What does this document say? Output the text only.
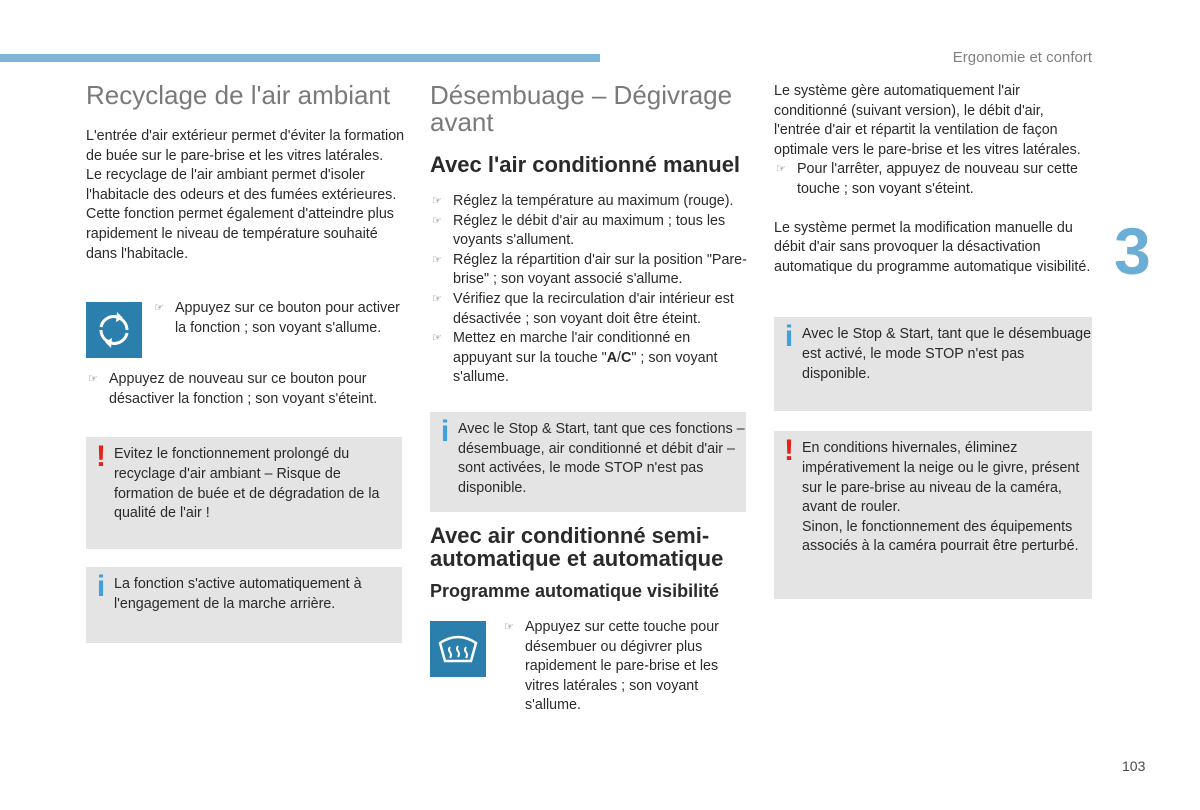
Ergonomie et confort
3
103
Recyclage de l'air ambiant

L'entrée d'air extérieur permet d'éviter la formation de buée sur le pare-brise et les vitres latérales.

Le recyclage de l'air ambiant permet d'isoler l'habitacle des odeurs et des fumées extérieures.

Cette fonction permet également d'atteindre plus rapidement le niveau de température souhaité dans l'habitacle.

☞ Appuyez sur ce bouton pour activer la fonction ; son voyant s'allume.
☞ Appuyez de nouveau sur ce bouton pour désactiver la fonction ; son voyant s'éteint.
! Evitez le fonctionnement prolongé du recyclage d'air ambiant – Risque de formation de buée et de dégradation de la qualité de l'air !
i La fonction s'active automatiquement à l'engagement de la marche arrière.
Désembuage – Dégivrage avant
Avec l'air conditionné manuel
☞ Réglez la température au maximum (rouge).
☞ Réglez le débit d'air au maximum ; tous les voyants s'allument.
☞ Réglez la répartition d'air sur la position "Pare-brise" ; son voyant associé s'allume.
☞ Vérifiez que la recirculation d'air intérieur est désactivée ; son voyant doit être éteint.
☞ Mettez en marche l'air conditionné en appuyant sur la touche "A/C" ; son voyant s'allume.
i Avec le Stop & Start, tant que ces fonctions – désembuage, air conditionné et débit d'air – sont activées, le mode STOP n'est pas disponible.
Avec air conditionné semi-automatique et automatique
Programme automatique visibilité
☞ Appuyez sur cette touche pour désembuer ou dégivrer plus rapidement le pare-brise et les vitres latérales ; son voyant s'allume.

Le système gère automatiquement l'air conditionné (suivant version), le débit d'air, l'entrée d'air et répartit la ventilation de façon optimale vers le pare-brise et les vitres latérales.

☞ Pour l'arrêter, appuyez de nouveau sur cette touche ; son voyant s'éteint.

Le système permet la modification manuelle du débit d'air sans provoquer la désactivation automatique du programme automatique visibilité.

i Avec le Stop & Start, tant que le désembuage est activé, le mode STOP n'est pas disponible.
! En conditions hivernales, éliminez impérativement la neige ou le givre, présent sur le pare-brise au niveau de la caméra, avant de rouler.
Sinon, le fonctionnement des équipements associés à la caméra pourrait être perturbé.
